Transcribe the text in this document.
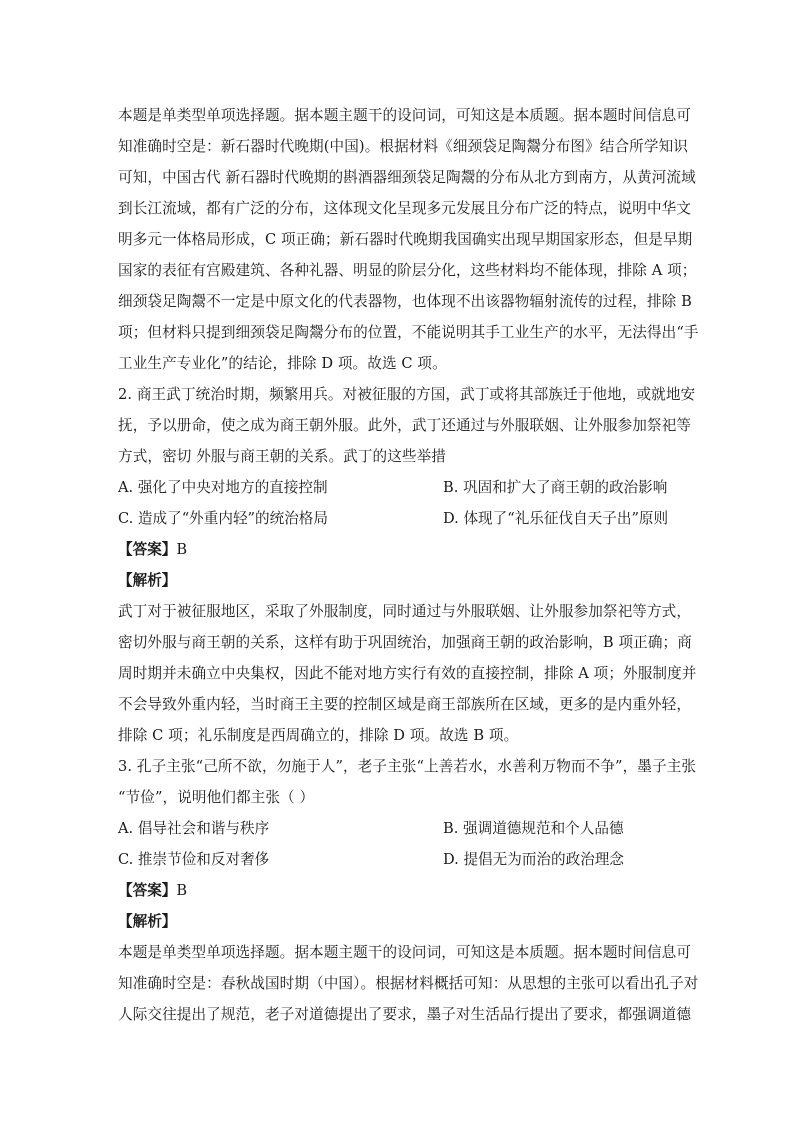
本题是单类型单项选择题。据本题主题干的设问词，可知这是本质题。据本题时间信息可
知准确时空是：新石器时代晚期(中国)。根据材料《细颈袋足陶鬶分布图》结合所学知识
可知，中国古代 新石器时代晚期的斟酒器细颈袋足陶鬶的分布从北方到南方，从黄河流域
到长江流域，都有广泛的分布，这体现文化呈现多元发展且分布广泛的特点，说明中华文
明多元一体格局形成，C 项正确；新石器时代晚期我国确实出现早期国家形态，但是早期
国家的表征有宫殿建筑、各种礼器、明显的阶层分化，这些材料均不能体现，排除 A 项；
细颈袋足陶鬶不一定是中原文化的代表器物，也体现不出该器物辐射流传的过程，排除 B
项；但材料只提到细颈袋足陶鬶分布的位置，不能说明其手工业生产的水平，无法得出“手
工业生产专业化”的结论，排除 D 项。故选 C 项。
2. 商王武丁统治时期，频繁用兵。对被征服的方国，武丁或将其部族迁于他地，或就地安
抚，予以册命，使之成为商王朝外服。此外，武丁还通过与外服联姻、让外服参加祭祀等
方式，密切 外服与商王朝的关系。武丁的这些举措
A. 强化了中央对地方的直接控制	B. 巩固和扩大了商王朝的政治影响
C. 造成了“外重内轻”的统治格局	D. 体现了“礼乐征伐自天子出”原则
【答案】B
【解析】
武丁对于被征服地区，采取了外服制度，同时通过与外服联姻、让外服参加祭祀等方式，
密切外服与商王朝的关系，这样有助于巩固统治，加强商王朝的政治影响，B 项正确；商
周时期并未确立中央集权，因此不能对地方实行有效的直接控制，排除 A 项；外服制度并
不会导致外重内轻，当时商王主要的控制区域是商王部族所在区域，更多的是内重外轻，
排除 C 项；礼乐制度是西周确立的，排除 D 项。故选 B 项。
3. 孔子主张“己所不欲，勿施于人”，老子主张“上善若水，水善利万物而不争”，墨子主张
“节俭”，说明他们都主张（ ）
A. 倡导社会和谐与秩序	B. 强调道德规范和个人品德
C. 推崇节俭和反对奢侈	D. 提倡无为而治的政治理念
【答案】B
【解析】
本题是单类型单项选择题。据本题主题干的设问词，可知这是本质题。据本题时间信息可
知准确时空是：春秋战国时期（中国）。根据材料概括可知：从思想的主张可以看出孔子对
人际交往提出了规范，老子对道德提出了要求，墨子对生活品行提出了要求，都强调道德
